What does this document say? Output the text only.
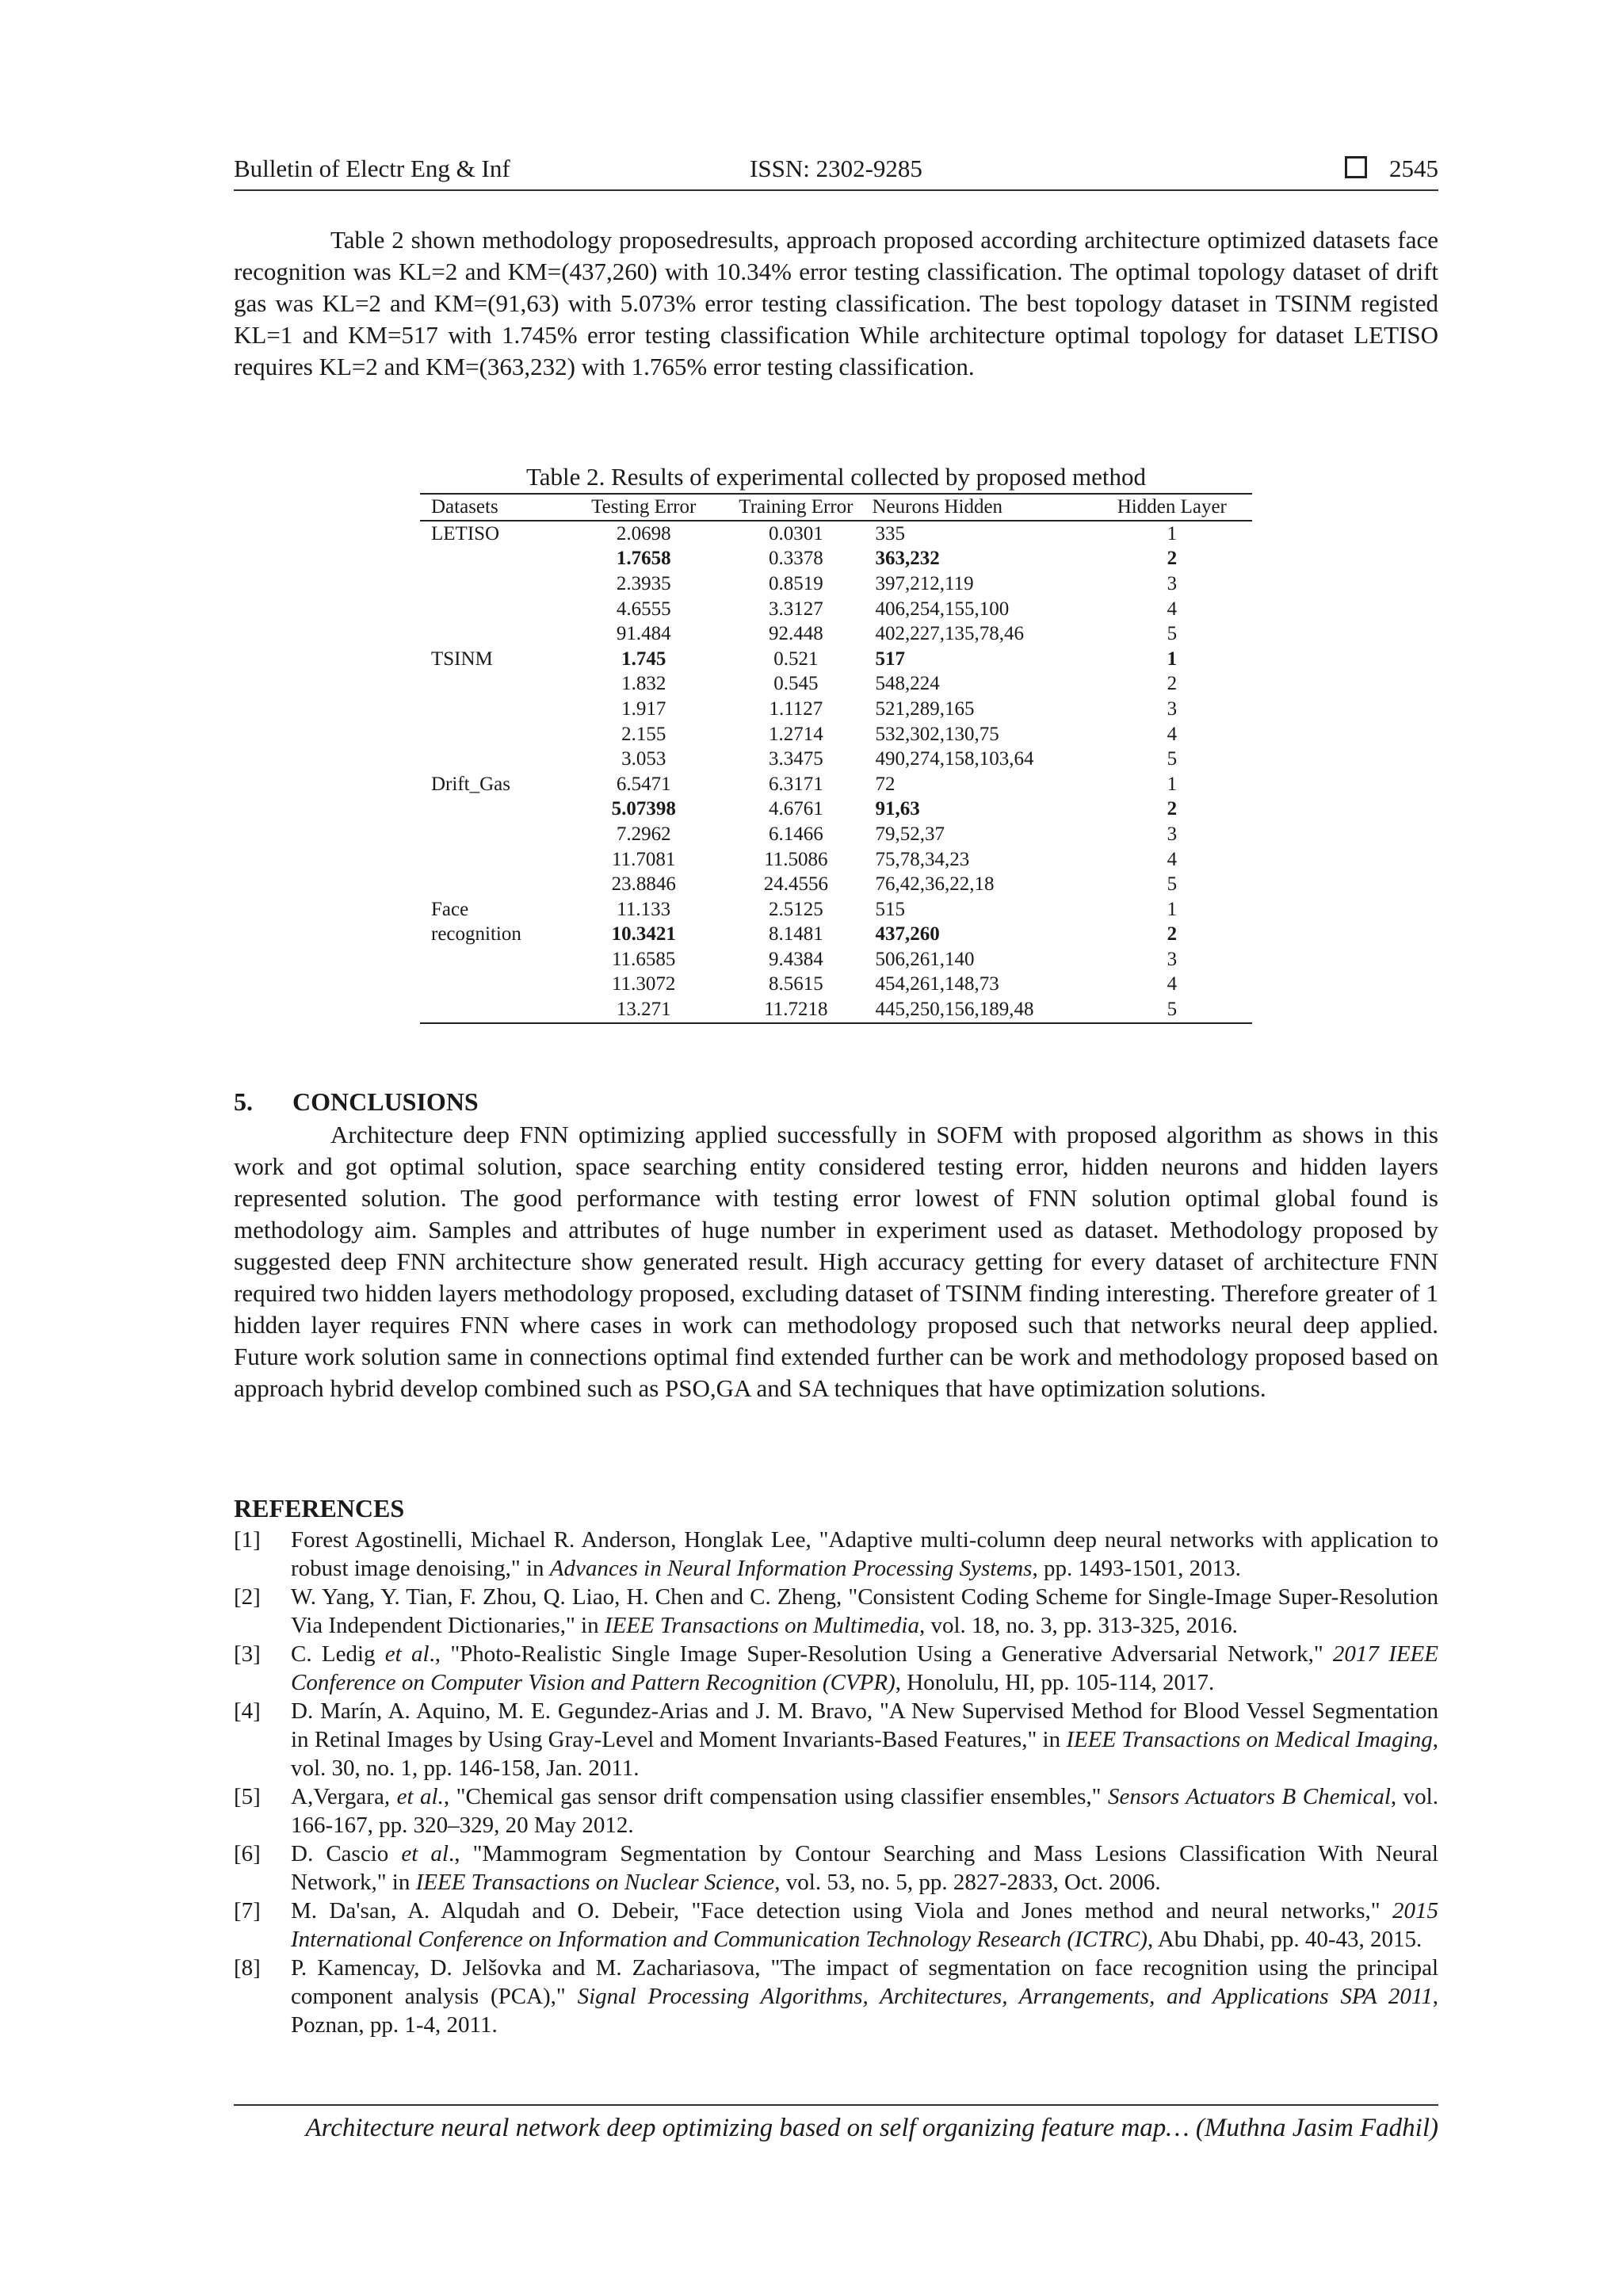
Bulletin of Electr Eng & Inf	ISSN: 2302-9285	2545
Table 2 shown methodology proposedresults, approach proposed according architecture optimized datasets face recognition was KL=2 and KM=(437,260) with 10.34% error testing classification. The optimal topology dataset of drift gas was KL=2 and KM=(91,63) with 5.073% error testing classification. The best topology dataset in TSINM registed KL=1 and KM=517 with 1.745% error testing classification While architecture optimal topology for dataset LETISO requires KL=2 and KM=(363,232) with 1.765% error testing classification.
Table 2. Results of experimental collected by proposed method
Datasets	Testing Error	Training Error	Neurons Hidden	Hidden Layer
LETISO	2.0698	0.0301	335	1
	1.7658	0.3378	363,232	2
	2.3935	0.8519	397,212,119	3
	4.6555	3.3127	406,254,155,100	4
	91.484	92.448	402,227,135,78,46	5
TSINM	1.745	0.521	517	1
	1.832	0.545	548,224	2
	1.917	1.1127	521,289,165	3
	2.155	1.2714	532,302,130,75	4
	3.053	3.3475	490,274,158,103,64	5
Drift_Gas	6.5471	6.3171	72	1
	5.07398	4.6761	91,63	2
	7.2962	6.1466	79,52,37	3
	11.7081	11.5086	75,78,34,23	4
	23.8846	24.4556	76,42,36,22,18	5
Face	11.133	2.5125	515	1
recognition	10.3421	8.1481	437,260	2
	11.6585	9.4384	506,261,140	3
	11.3072	8.5615	454,261,148,73	4
	13.271	11.7218	445,250,156,189,48	5
5. CONCLUSIONS
Architecture deep FNN optimizing applied successfully in SOFM with proposed algorithm as shows in this work and got optimal solution, space searching entity considered testing error, hidden neurons and hidden layers represented solution. The good performance with testing error lowest of FNN solution optimal global found is methodology aim. Samples and attributes of huge number in experiment used as dataset. Methodology proposed by suggested deep FNN architecture show generated result. High accuracy getting for every dataset of architecture FNN required two hidden layers methodology proposed, excluding dataset of TSINM finding interesting. Therefore greater of 1 hidden layer requires FNN where cases in work can methodology proposed such that networks neural deep applied. Future work solution same in connections optimal find extended further can be work and methodology proposed based on approach hybrid develop combined such as PSO,GA and SA techniques that have optimization solutions.
REFERENCES
[1] Forest Agostinelli, Michael R. Anderson, Honglak Lee, "Adaptive multi-column deep neural networks with application to robust image denoising," in Advances in Neural Information Processing Systems, pp. 1493-1501, 2013.
[2] W. Yang, Y. Tian, F. Zhou, Q. Liao, H. Chen and C. Zheng, "Consistent Coding Scheme for Single-Image Super-Resolution Via Independent Dictionaries," in IEEE Transactions on Multimedia, vol. 18, no. 3, pp. 313-325, 2016.
[3] C. Ledig et al., "Photo-Realistic Single Image Super-Resolution Using a Generative Adversarial Network," 2017 IEEE Conference on Computer Vision and Pattern Recognition (CVPR), Honolulu, HI, pp. 105-114, 2017.
[4] D. Marín, A. Aquino, M. E. Gegundez-Arias and J. M. Bravo, "A New Supervised Method for Blood Vessel Segmentation in Retinal Images by Using Gray-Level and Moment Invariants-Based Features," in IEEE Transactions on Medical Imaging, vol. 30, no. 1, pp. 146-158, Jan. 2011.
[5] A,Vergara, et al., "Chemical gas sensor drift compensation using classifier ensembles," Sensors Actuators B Chemical, vol. 166-167, pp. 320–329, 20 May 2012.
[6] D. Cascio et al., "Mammogram Segmentation by Contour Searching and Mass Lesions Classification With Neural Network," in IEEE Transactions on Nuclear Science, vol. 53, no. 5, pp. 2827-2833, Oct. 2006.
[7] M. Da'san, A. Alqudah and O. Debeir, "Face detection using Viola and Jones method and neural networks," 2015 International Conference on Information and Communication Technology Research (ICTRC), Abu Dhabi, pp. 40-43, 2015.
[8] P. Kamencay, D. Jelšovka and M. Zachariasova, "The impact of segmentation on face recognition using the principal component analysis (PCA)," Signal Processing Algorithms, Architectures, Arrangements, and Applications SPA 2011, Poznan, pp. 1-4, 2011.
Architecture neural network deep optimizing based on self organizing feature map… (Muthna Jasim Fadhil)
